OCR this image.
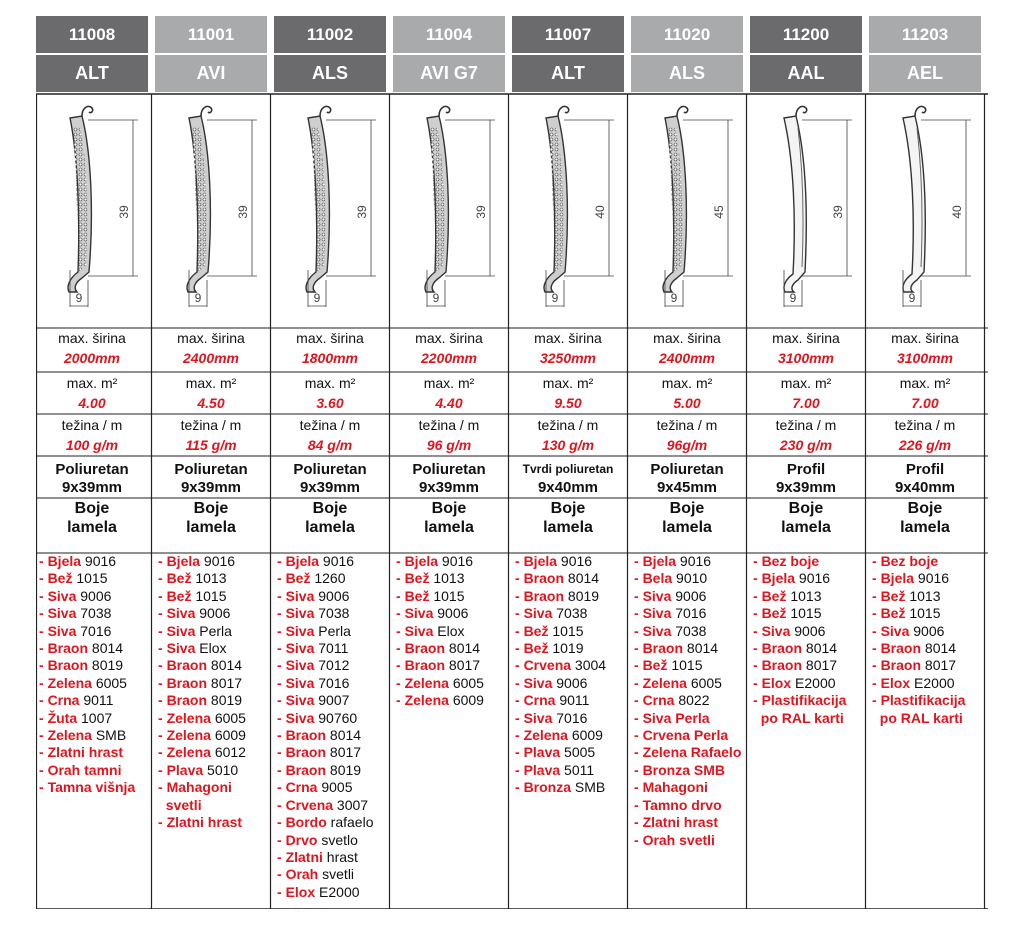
11008
ALT
39
9
max. širina
2000mm
max. m²
4.00
težina / m
100 g/m
Poliuretan
9x39mm
Boje
lamela
- Bjela 9016
- Bež 1015
- Siva 9006
- Siva 7038
- Siva 7016
- Braon 8014
- Braon 8019
- Zelena 6005
- Crna 9011
- Žuta 1007
- Zelena SMB
- Zlatni hrast
- Orah tamni
- Tamna višnja
11001
AVI
39
9
max. širina
2400mm
max. m²
4.50
težina / m
115 g/m
Poliuretan
9x39mm
Boje
lamela
- Bjela 9016
- Bež 1013
- Bež 1015
- Siva 9006
- Siva Perla
- Siva Elox
- Braon 8014
- Braon 8017
- Braon 8019
- Zelena 6005
- Zelena 6009
- Zelena 6012
- Plava 5010
- Mahagoni
svetli
- Zlatni hrast
11002
ALS
39
9
max. širina
1800mm
max. m²
3.60
težina / m
84 g/m
Poliuretan
9x39mm
Boje
lamela
- Bjela 9016
- Bež 1260
- Siva 9006
- Siva 7038
- Siva Perla
- Siva 7011
- Siva 7012
- Siva 7016
- Siva 9007
- Siva 90760
- Braon 8014
- Braon 8017
- Braon 8019
- Crna 9005
- Crvena 3007
- Bordo rafaelo
- Drvo svetlo
- Zlatni hrast
- Orah svetli
- Elox E2000
11004
AVI G7
39
9
max. širina
2200mm
max. m²
4.40
težina / m
96 g/m
Poliuretan
9x39mm
Boje
lamela
- Bjela 9016
- Bež 1013
- Bež 1015
- Siva 9006
- Siva Elox
- Braon 8014
- Braon 8017
- Zelena 6005
- Zelena 6009
11007
ALT
40
9
max. širina
3250mm
max. m²
9.50
težina / m
130 g/m
Tvrdi poliuretan
9x40mm
Boje
lamela
- Bjela 9016
- Braon 8014
- Braon 8019
- Siva 7038
- Bež 1015
- Bež 1019
- Crvena 3004
- Siva 9006
- Crna 9011
- Siva 7016
- Zelena 6009
- Plava 5005
- Plava 5011
- Bronza SMB
11020
ALS
45
9
max. širina
2400mm
max. m²
5.00
težina / m
96g/m
Poliuretan
9x45mm
Boje
lamela
- Bjela 9016
- Bela 9010
- Siva 9006
- Siva 7016
- Siva 7038
- Braon 8014
- Bež 1015
- Zelena 6005
- Crna 8022
- Siva Perla
- Crvena Perla
- Zelena Rafaelo
- Bronza SMB
- Mahagoni
- Tamno drvo
- Zlatni hrast
- Orah svetli
11200
AAL
39
9
max. širina
3100mm
max. m²
7.00
težina / m
230 g/m
Profil
9x39mm
Boje
lamela
- Bez boje
- Bjela 9016
- Bež 1013
- Bež 1015
- Siva 9006
- Braon 8014
- Braon 8017
- Elox E2000
- Plastifikacija
po RAL karti
11203
AEL
40
9
max. širina
3100mm
max. m²
7.00
težina / m
226 g/m
Profil
9x40mm
Boje
lamela
- Bez boje
- Bjela 9016
- Bež 1013
- Bež 1015
- Siva 9006
- Braon 8014
- Braon 8017
- Elox E2000
- Plastifikacija
po RAL karti
